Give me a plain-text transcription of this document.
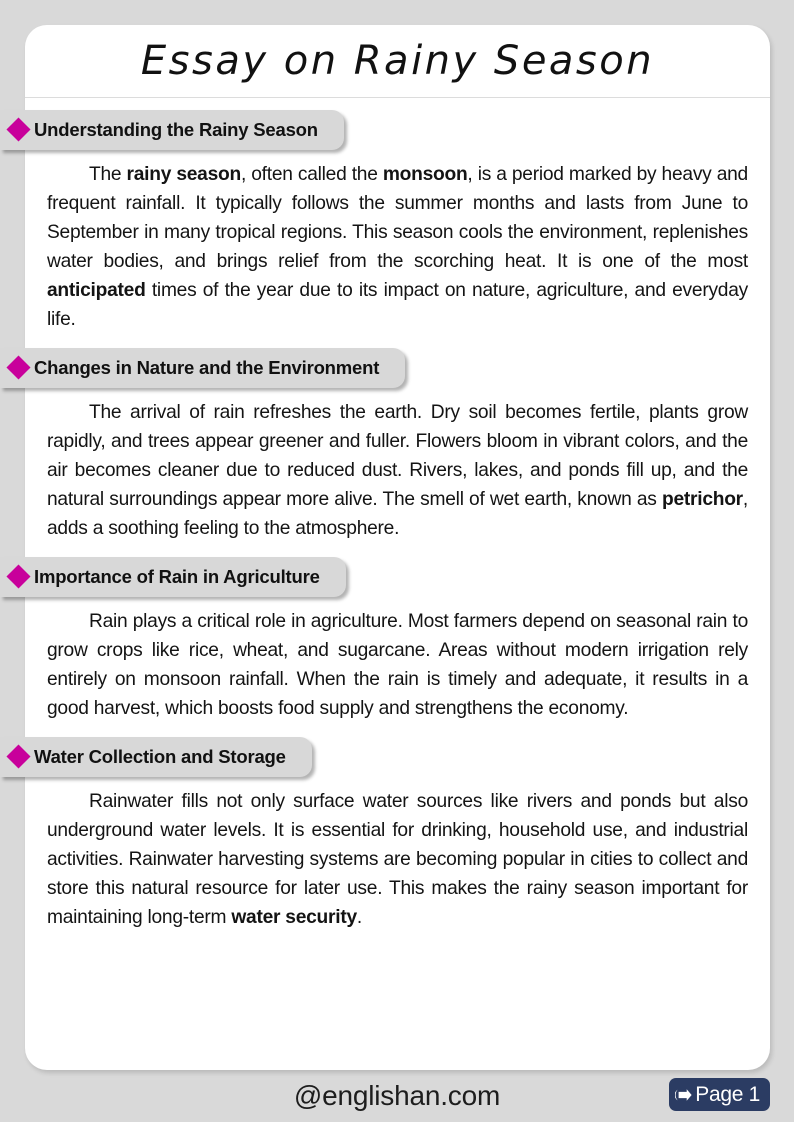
Essay on Rainy Season
Understanding the Rainy Season

The rainy season, often called the monsoon, is a period marked by heavy and frequent rainfall. It typically follows the summer months and lasts from June to September in many tropical regions. This season cools the environment, replenishes water bodies, and brings relief from the scorching heat. It is one of the most anticipated times of the year due to its impact on nature, agriculture, and everyday life.

Changes in Nature and the Environment

The arrival of rain refreshes the earth. Dry soil becomes fertile, plants grow rapidly, and trees appear greener and fuller. Flowers bloom in vibrant colors, and the air becomes cleaner due to reduced dust. Rivers, lakes, and ponds fill up, and the natural surroundings appear more alive. The smell of wet earth, known as petrichor, adds a soothing feeling to the atmosphere.

Importance of Rain in Agriculture

Rain plays a critical role in agriculture. Most farmers depend on seasonal rain to grow crops like rice, wheat, and sugarcane. Areas without modern irrigation rely entirely on monsoon rainfall. When the rain is timely and adequate, it results in a good harvest, which boosts food supply and strengthens the economy.

Water Collection and Storage

Rainwater fills not only surface water sources like rivers and ponds but also underground water levels. It is essential for drinking, household use, and industrial activities. Rainwater harvesting systems are becoming popular in cities to collect and store this natural resource for later use. This makes the rainy season important for maintaining long-term water security.

@englishan.com	Page 1
